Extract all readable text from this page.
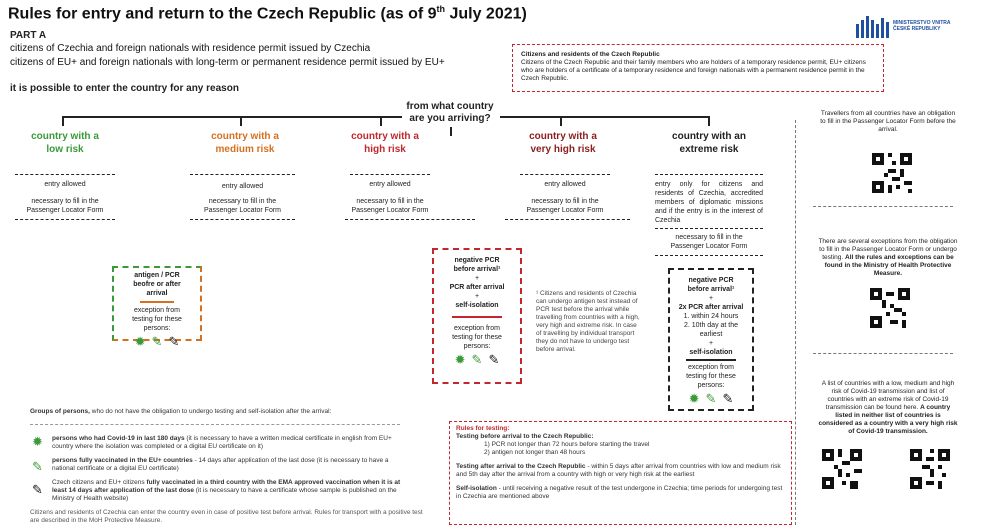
Rules for entry and return to the Czech Republic (as of 9th July 2021)
PART A
citizens of Czechia and foreign nationals with residence permit issued by Czechia
citizens of EU+ and foreign nationals with long-term or permanent residence permit issued by EU+
it is possible to enter the country for any reason
MINISTERSTVO VNITRA
ČESKÉ REPUBLIKY
Citizens and residents of the Czech Republic
Citizens of the Czech Republic and their family members who are holders of a temporary residence permit, EU+ citizens who are holders of a certificate of a temporary residence and foreign nationals with a permanent residence permit in the Czech Republic.
from what country are you arriving?
country with a
low risk
country with a
medium risk
country with a
high risk
country with a
very high risk
country with an
extreme risk
entry allowed
necessary to fill in the
Passenger Locator Form
entry allowed
necessary to fill in the
Passenger Locator Form
entry allowed
necessary to fill in the
Passenger Locator Form
entry allowed
necessary to fill in the
Passenger Locator Form
entry only for citizens and residents of Czechia, accredited members of diplomatic missions and if the entry is in the interest of Czechia
necessary to fill in the
Passenger Locator Form
antigen / PCR
beofre or after
arrival
exception from
testing for these
persons:
✹ ✎ ✎
negative PCR
before arrival¹
+
PCR after arrival
+
self-isolation
exception from
testing for these
persons:
✹ ✎ ✎
¹ Citizens and residents of Czechia can undergo antigen test instead of PCR test before the arrival while travelling from countries with a high, very high and extreme risk. In case of travelling by individual transport they do not have to undergo test before arrival.
negative PCR
before arrival¹
+
2x PCR after arrival
1. within 24 hours
2. 10th day at the
earliest
+
self-isolation
exception from
testing for these
persons:
✹ ✎ ✎
Travellers from all countries have an obligation to fill in the Passenger Locator Form before the arrival.
There are several exceptions from the obligation to fill in the Passenger Locator Form or undergo testing. All the rules and exceptions can be found in the Ministry of Health Protective Measure.
A list of countries with a low, medium and high risk of Covid-19 transmission and list of countries with an extreme risk of Covid-19 transmission can be found here. A country listed in neither list of countries is considered as a country with a very high risk of Covid-19 transmission.
Groups of persons, who do not have the obligation to undergo testing and self-isolation after the arrival:
✹ persons who had Covid-19 in last 180 days (it is necessary to have a written medical certificate in english from EU+ country where the isolation was completed or a digital EU certificate on it)
✎ persons fully vaccinated in the EU+ countries - 14 days after application of the last dose (it is necessary to have a national certificate or a digital EU certificate)
✎ Czech citizens and EU+ citizens fully vaccinated in a third country with the EMA approved vaccination when it is at least 14 days after application of the last dose (it is necessary to have a certificate whose sample is published on the Ministry of Health website)
Citizens and residents of Czechia can enter the country even in case of positive test before arrival. Rules for transport with a positive test are described in the MoH Protective Measure.
Rules for testing:
Testing before arrival to the Czech Republic:
1) PCR not longer than 72 hours before starting the travel
2) antigen not longer than 48 hours
Testing after arrival to the Czech Republic - within 5 days after arrival from countries with low and medium risk and 5th day after the arrival from a country with high or very high risk at the earliest
Self-isolation - until receiving a negative result of the test undergone in Czechia; time periods for undergoing test in Czechia are mentioned above
